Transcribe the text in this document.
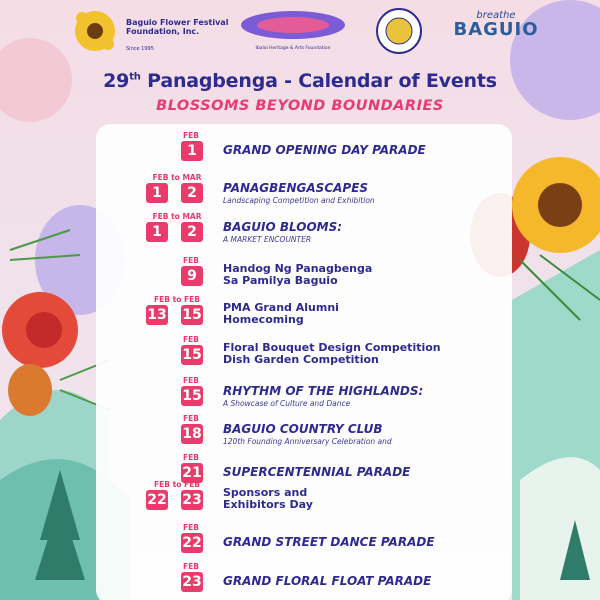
Baguio Flower Festival Foundation, Inc.
Since 1995	Ibaloi Heritage & Arts Foundation
breathe
BAGUIO
29th Panagbenga - Calendar of Events
BLOSSOMS BEYOND BOUNDARIES
FEB
1	GRAND OPENING DAY PARADE
FEB to MAR
1	2	PANAGBENGASCAPES
Landscaping Competition and Exhibition
FEB to MAR
1	2	BAGUIO BLOOMS:
A MARKET ENCOUNTER
FEB
9	Handog Ng Panagbenga
Sa Pamilya Baguio
FEB to FEB
13 15 PMA Grand Alumni
Homecoming
FEB
15 Floral Bouquet Design Competition
Dish Garden Competition
FEB
15 RHYTHM OF THE HIGHLANDS:
A Showcase of Culture and Dance
FEB
18 BAGUIO COUNTRY CLUB
120th Founding Anniversary Celebration and
FEB
21 SUPERCENTENNIAL PARADE
FEB to FEB
22 23 Sponsors and
Exhibitors Day
FEB
22 GRAND STREET DANCE PARADE
FEB
23 GRAND FLORAL FLOAT PARADE
